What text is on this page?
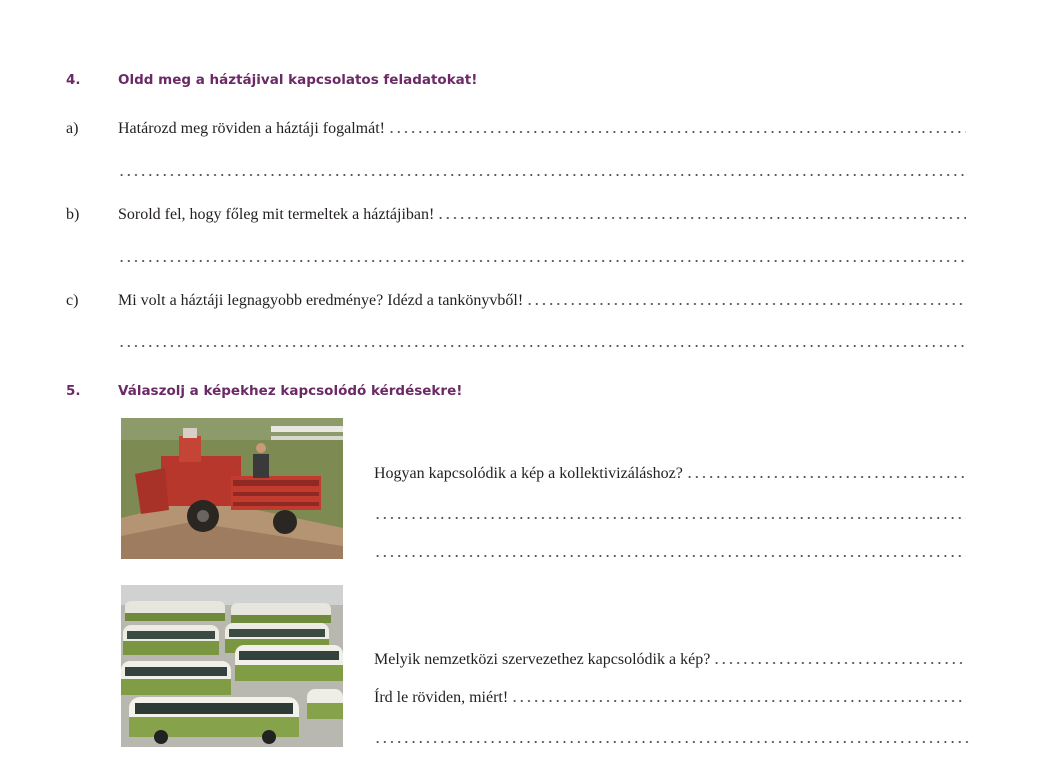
4.	Oldd meg a háztájival kapcsolatos feladatokat!
a) Határozd meg röviden a háztáji fogalmát!
b) Sorold fel, hogy főleg mit termeltek a háztájiban!
c) Mi volt a háztáji legnagyobb eredménye? Idézd a tankönyvből!
5.	Válaszolj a képekhez kapcsolódó kérdésekre!
Hogyan kapcsolódik a kép a kollektivizáláshoz?
Melyik nemzetközi szervezethez kapcsolódik a kép?
Írd le röviden, miért!
